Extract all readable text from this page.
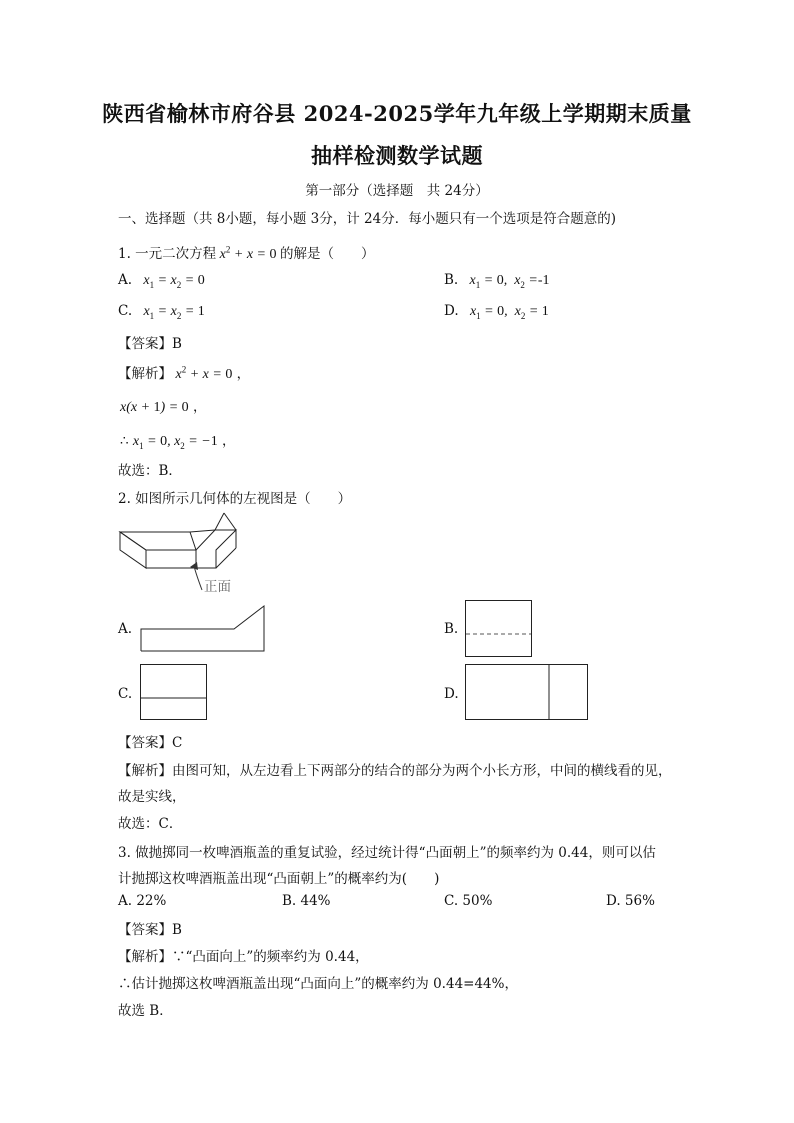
陕西省榆林市府谷县 2024-2025学年九年级上学期期末质量
抽样检测数学试题
第一部分（选择题　共 24分）
一、选择题（共 8小题，每小题 3分，计 24分．每小题只有一个选项是符合题意的)
1. 一元二次方程 $x^2 + x = 0$ 的解是（　　）
A.   $x_1 = x_2 = 0$	B.   $x_1 = 0$,  $x_2 =-1$
C.   $x_1 = x_2 = 1$	D.   $x_1 = 0$,  $x_2 = 1$
【答案】B
【解析】 $x^2 + x = 0$ ，
x(x + 1) = 0 ，
∴ $x_1 = 0$, $x_2 = -1$ ，
故选：B．
2. 如图所示几何体的左视图是（　　）
正面
A.	B.
C.	D.
【答案】C
【解析】由图可知，从左边看上下两部分的结合的部分为两个小长方形，中间的横线看的见，
故是实线，
故选：C．
3. 做抛掷同一枚啤酒瓶盖的重复试验，经过统计得“凸面朝上”的频率约为 0.44，则可以估
计抛掷这枚啤酒瓶盖出现“凸面朝上”的概率约为(　　)
A. 22%	B. 44%	C. 50%	D. 56%
【答案】B
【解析】∵“凸面向上”的频率约为 0.44，
∴估计抛掷这枚啤酒瓶盖出现“凸面向上”的概率约为 0.44=44%，
故选 B．
